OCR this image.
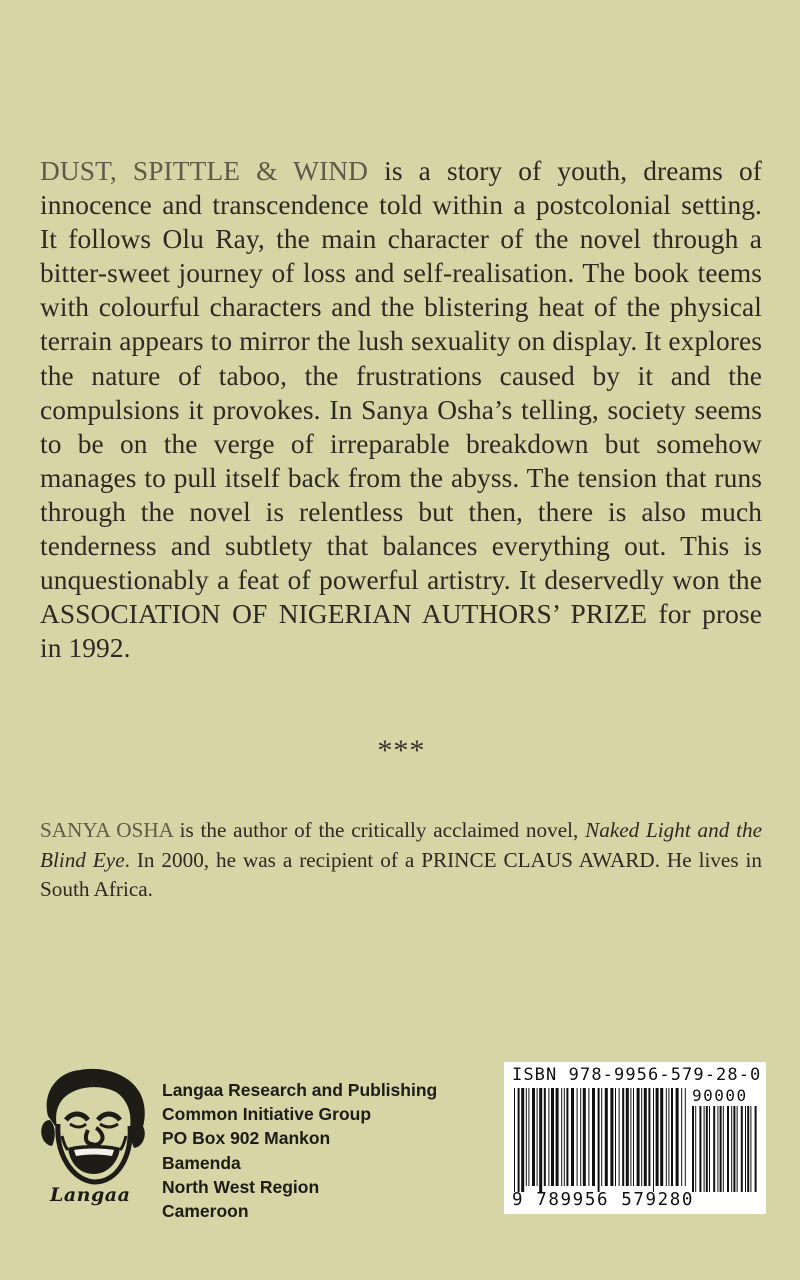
DUST, SPITTLE & WIND is a story of youth, dreams of innocence and transcendence told within a postcolonial setting. It follows Olu Ray, the main character of the novel through a bitter-sweet journey of loss and self-realisation. The book teems with colourful characters and the blistering heat of the physical terrain appears to mirror the lush sexuality on display. It explores the nature of taboo, the frustrations caused by it and the compulsions it provokes. In Sanya Osha’s telling, society seems to be on the verge of irreparable breakdown but somehow manages to pull itself back from the abyss. The tension that runs through the novel is relentless but then, there is also much tenderness and subtlety that balances everything out. This is unquestionably a feat of powerful artistry. It deservedly won the ASSOCIATION OF NIGERIAN AUTHORS’ PRIZE for prose in 1992.
***
SANYA OSHA is the author of the critically acclaimed novel, Naked Light and the Blind Eye. In 2000, he was a recipient of a PRINCE CLAUS AWARD. He lives in South Africa.
Langaa
Langaa Research and Publishing
Common Initiative Group
PO Box 902 Mankon
Bamenda
North West Region
Cameroon
ISBN 978-9956-579-28-0
90000
9 789956 579280
